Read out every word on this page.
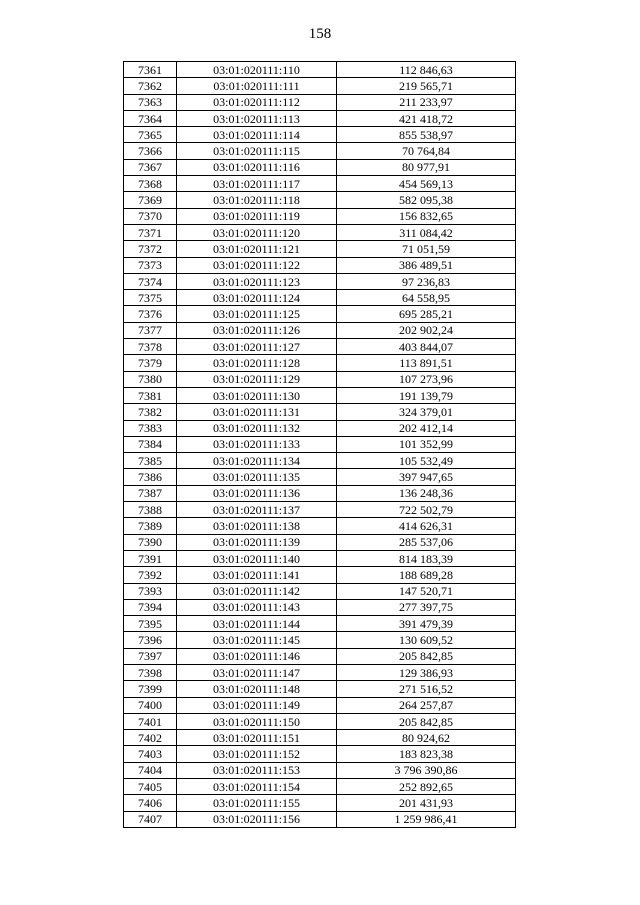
158
7361	03:01:020111:110	112 846,63
7362	03:01:020111:111	219 565,71
7363	03:01:020111:112	211 233,97
7364	03:01:020111:113	421 418,72
7365	03:01:020111:114	855 538,97
7366	03:01:020111:115	70 764,84
7367	03:01:020111:116	80 977,91
7368	03:01:020111:117	454 569,13
7369	03:01:020111:118	582 095,38
7370	03:01:020111:119	156 832,65
7371	03:01:020111:120	311 084,42
7372	03:01:020111:121	71 051,59
7373	03:01:020111:122	386 489,51
7374	03:01:020111:123	97 236,83
7375	03:01:020111:124	64 558,95
7376	03:01:020111:125	695 285,21
7377	03:01:020111:126	202 902,24
7378	03:01:020111:127	403 844,07
7379	03:01:020111:128	113 891,51
7380	03:01:020111:129	107 273,96
7381	03:01:020111:130	191 139,79
7382	03:01:020111:131	324 379,01
7383	03:01:020111:132	202 412,14
7384	03:01:020111:133	101 352,99
7385	03:01:020111:134	105 532,49
7386	03:01:020111:135	397 947,65
7387	03:01:020111:136	136 248,36
7388	03:01:020111:137	722 502,79
7389	03:01:020111:138	414 626,31
7390	03:01:020111:139	285 537,06
7391	03:01:020111:140	814 183,39
7392	03:01:020111:141	188 689,28
7393	03:01:020111:142	147 520,71
7394	03:01:020111:143	277 397,75
7395	03:01:020111:144	391 479,39
7396	03:01:020111:145	130 609,52
7397	03:01:020111:146	205 842,85
7398	03:01:020111:147	129 386,93
7399	03:01:020111:148	271 516,52
7400	03:01:020111:149	264 257,87
7401	03:01:020111:150	205 842,85
7402	03:01:020111:151	80 924,62
7403	03:01:020111:152	183 823,38
7404	03:01:020111:153	3 796 390,86
7405	03:01:020111:154	252 892,65
7406	03:01:020111:155	201 431,93
7407	03:01:020111:156	1 259 986,41
